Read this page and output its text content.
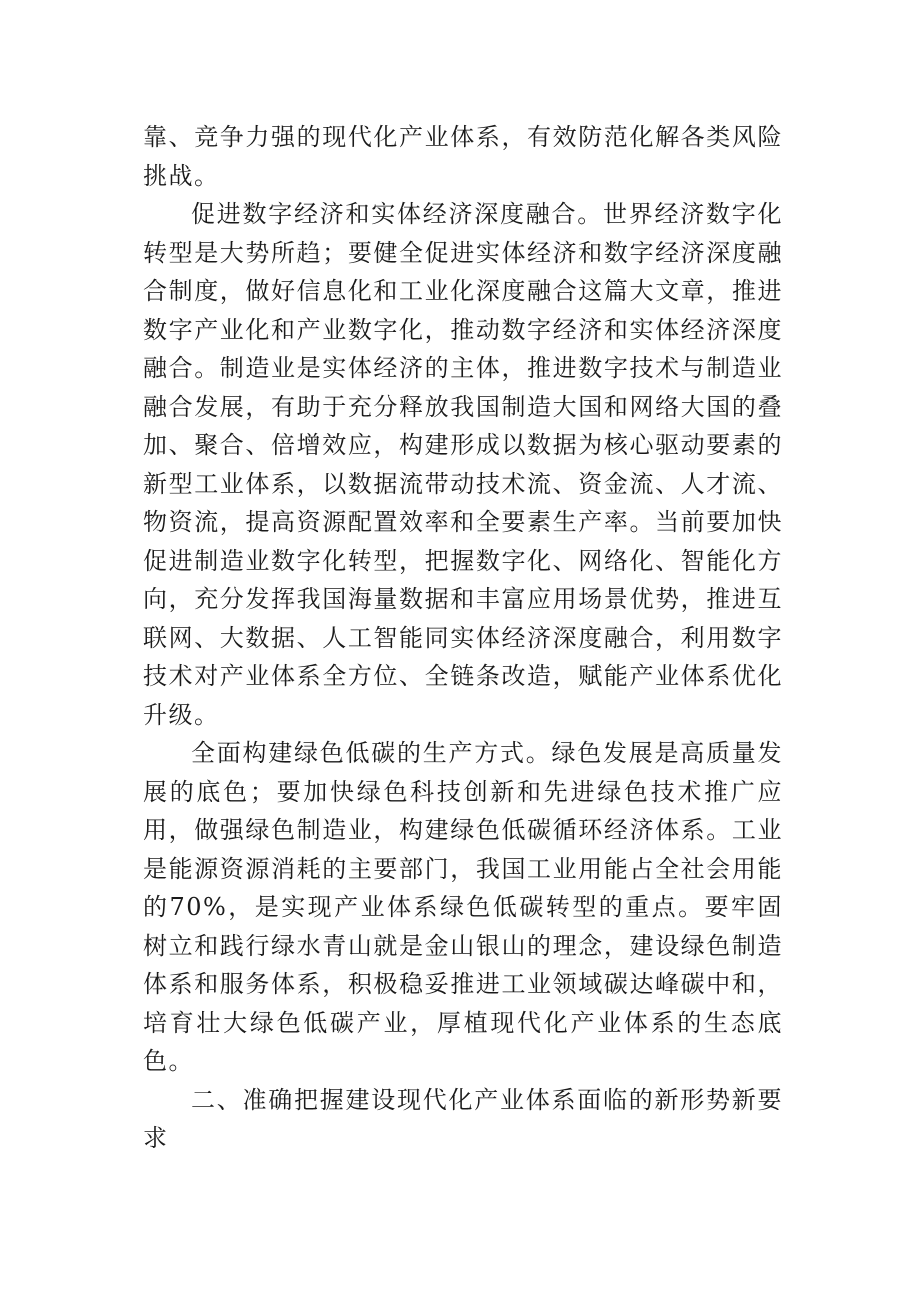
靠、竞争力强的现代化产业体系，有效防范化解各类风险挑战。

促进数字经济和实体经济深度融合。世界经济数字化转型是大势所趋；要健全促进实体经济和数字经济深度融合制度，做好信息化和工业化深度融合这篇大文章，推进数字产业化和产业数字化，推动数字经济和实体经济深度融合。制造业是实体经济的主体，推进数字技术与制造业融合发展，有助于充分释放我国制造大国和网络大国的叠加、聚合、倍增效应，构建形成以数据为核心驱动要素的新型工业体系，以数据流带动技术流、资金流、人才流、物资流，提高资源配置效率和全要素生产率。当前要加快促进制造业数字化转型，把握数字化、网络化、智能化方向，充分发挥我国海量数据和丰富应用场景优势，推进互联网、大数据、人工智能同实体经济深度融合，利用数字技术对产业体系全方位、全链条改造，赋能产业体系优化升级。

全面构建绿色低碳的生产方式。绿色发展是高质量发展的底色；要加快绿色科技创新和先进绿色技术推广应用，做强绿色制造业，构建绿色低碳循环经济体系。工业是能源资源消耗的主要部门，我国工业用能占全社会用能的70%，是实现产业体系绿色低碳转型的重点。要牢固树立和践行绿水青山就是金山银山的理念，建设绿色制造体系和服务体系，积极稳妥推进工业领域碳达峰碳中和，培育壮大绿色低碳产业，厚植现代化产业体系的生态底色。

二、准确把握建设现代化产业体系面临的新形势新要求
